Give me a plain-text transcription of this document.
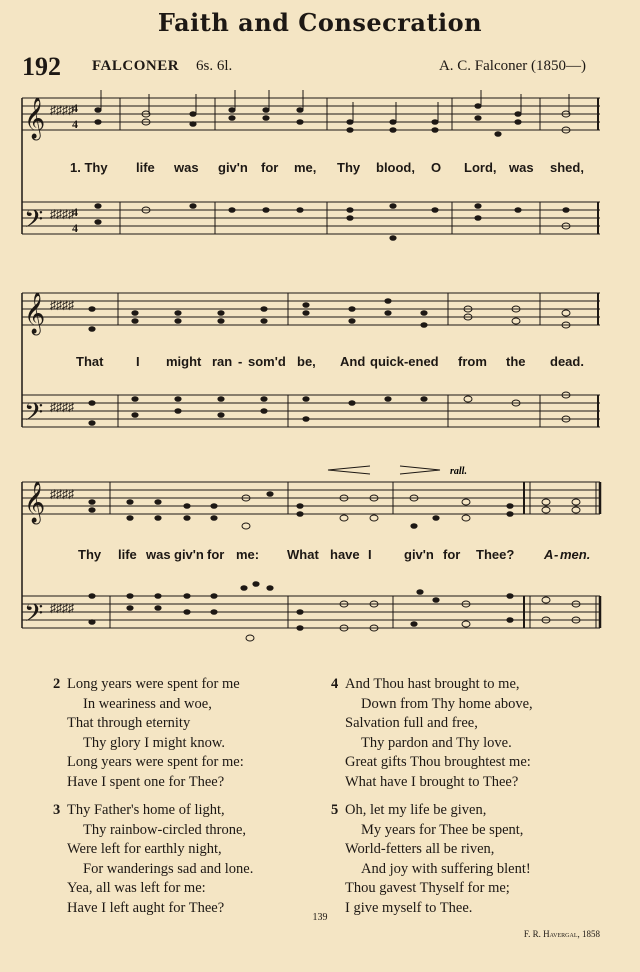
Faith and Consecration
192 FALCONER 6s. 6l.	A. C. Falconer (1850—)
𝄞
𝄢
♯♯♯♯
♯♯♯♯
4
4
4
4
1. Thy life was giv'n for me, Thy blood, O Lord, was shed,
𝄞
𝄢
♯♯♯♯
♯♯♯♯
That	I might ran - som'd be, And quick-ened from the dead.
rall.
𝄞
𝄢
♯♯♯♯
♯♯♯♯
Thy life was giv'n for me: What have I giv'n for Thee? A - men.
2 Long years were spent for me
In weariness and woe,
That through eternity
Thy glory I might know.
Long years were spent for me:
Have I spent one for Thee?
3 Thy Father's home of light,
Thy rainbow-circled throne,
Were left for earthly night,
For wanderings sad and lone.
Yea, all was left for me:
Have I left aught for Thee?
4 And Thou hast brought to me,
Down from Thy home above,
Salvation full and free,
Thy pardon and Thy love.
Great gifts Thou broughtest me:
What have I brought to Thee?
5 Oh, let my life be given,
My years for Thee be spent,
World-fetters all be riven,
And joy with suffering blent!
Thou gavest Thyself for me;
I give myself to Thee.
139
F. R. Havergal, 1858
